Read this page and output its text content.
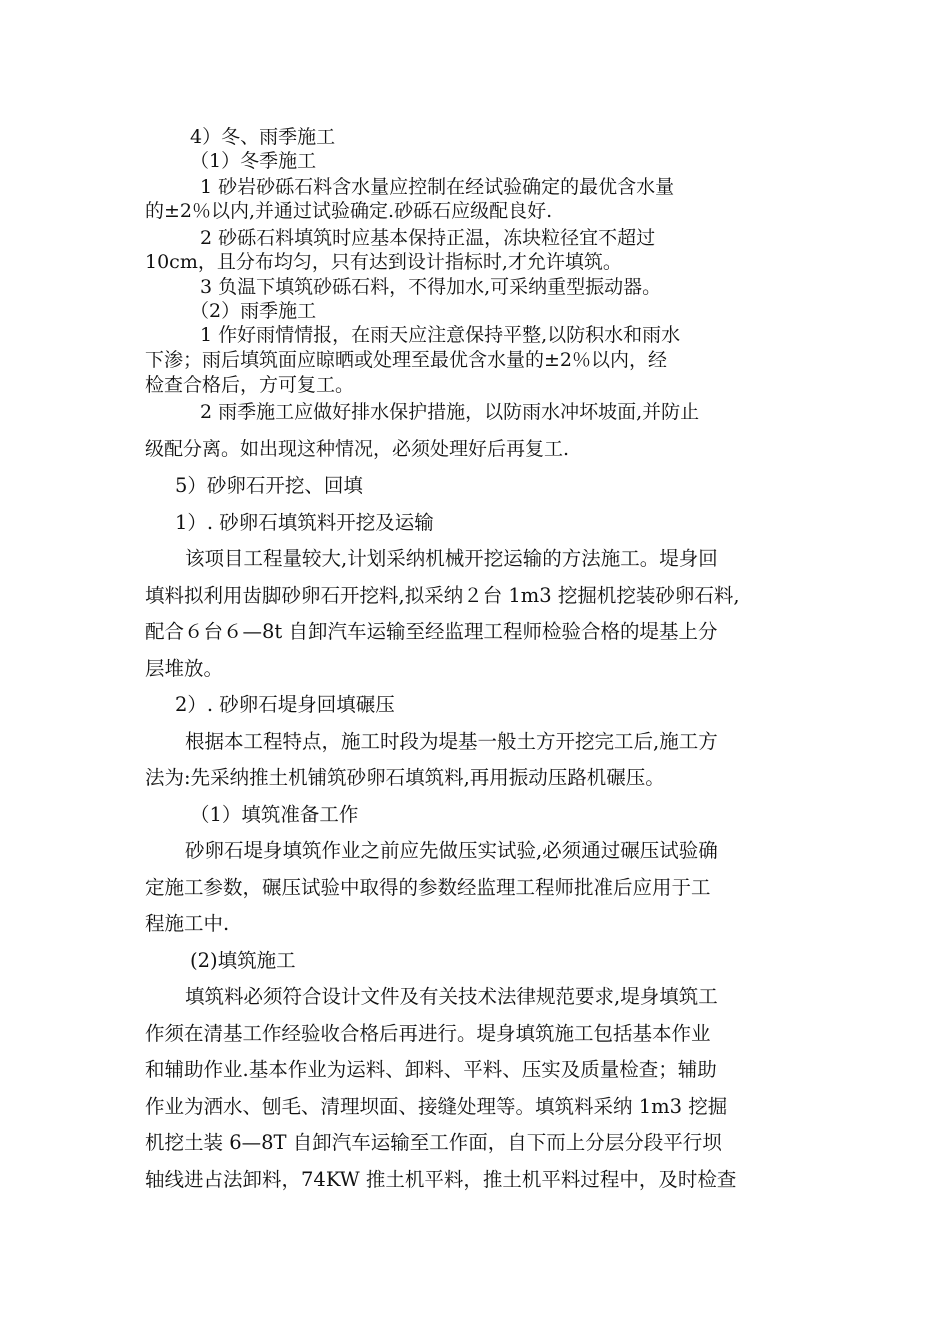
4）冬、雨季施工
（1）冬季施工
1 砂岩砂砾石料含水量应控制在经试验确定的最优含水量
的±2％以内,并通过试验确定.砂砾石应级配良好.
2 砂砾石料填筑时应基本保持正温，冻块粒径宜不超过
10cm，且分布均匀，只有达到设计指标时,才允许填筑。
3 负温下填筑砂砾石料，不得加水,可采纳重型振动器。
（2）雨季施工
1 作好雨情情报，在雨天应注意保持平整,以防积水和雨水
下渗；雨后填筑面应晾晒或处理至最优含水量的±2％以内，经
检查合格后，方可复工。
2 雨季施工应做好排水保护措施，以防雨水冲坏坡面,并防止
级配分离。如出现这种情况，必须处理好后再复工.
5）砂卵石开挖、回填
1）. 砂卵石填筑料开挖及运输
该项目工程量较大,计划采纳机械开挖运输的方法施工。堤身回
填料拟利用齿脚砂卵石开挖料,拟采纳２台 1m3 挖掘机挖装砂卵石料,
配合６台６—8t 自卸汽车运输至经监理工程师检验合格的堤基上分
层堆放。
2）. 砂卵石堤身回填碾压
根据本工程特点，施工时段为堤基一般土方开挖完工后,施工方
法为:先采纳推土机铺筑砂卵石填筑料,再用振动压路机碾压。
（1）填筑准备工作
砂卵石堤身填筑作业之前应先做压实试验,必须通过碾压试验确
定施工参数，碾压试验中取得的参数经监理工程师批准后应用于工
程施工中.
(2)填筑施工
填筑料必须符合设计文件及有关技术法律规范要求,堤身填筑工
作须在清基工作经验收合格后再进行。堤身填筑施工包括基本作业
和辅助作业.基本作业为运料、卸料、平料、压实及质量检查；辅助
作业为洒水、刨毛、清理坝面、接缝处理等。填筑料采纳 1m3 挖掘
机挖土装 6—8T 自卸汽车运输至工作面，自下而上分层分段平行坝
轴线进占法卸料，74KW 推土机平料，推土机平料过程中，及时检查
